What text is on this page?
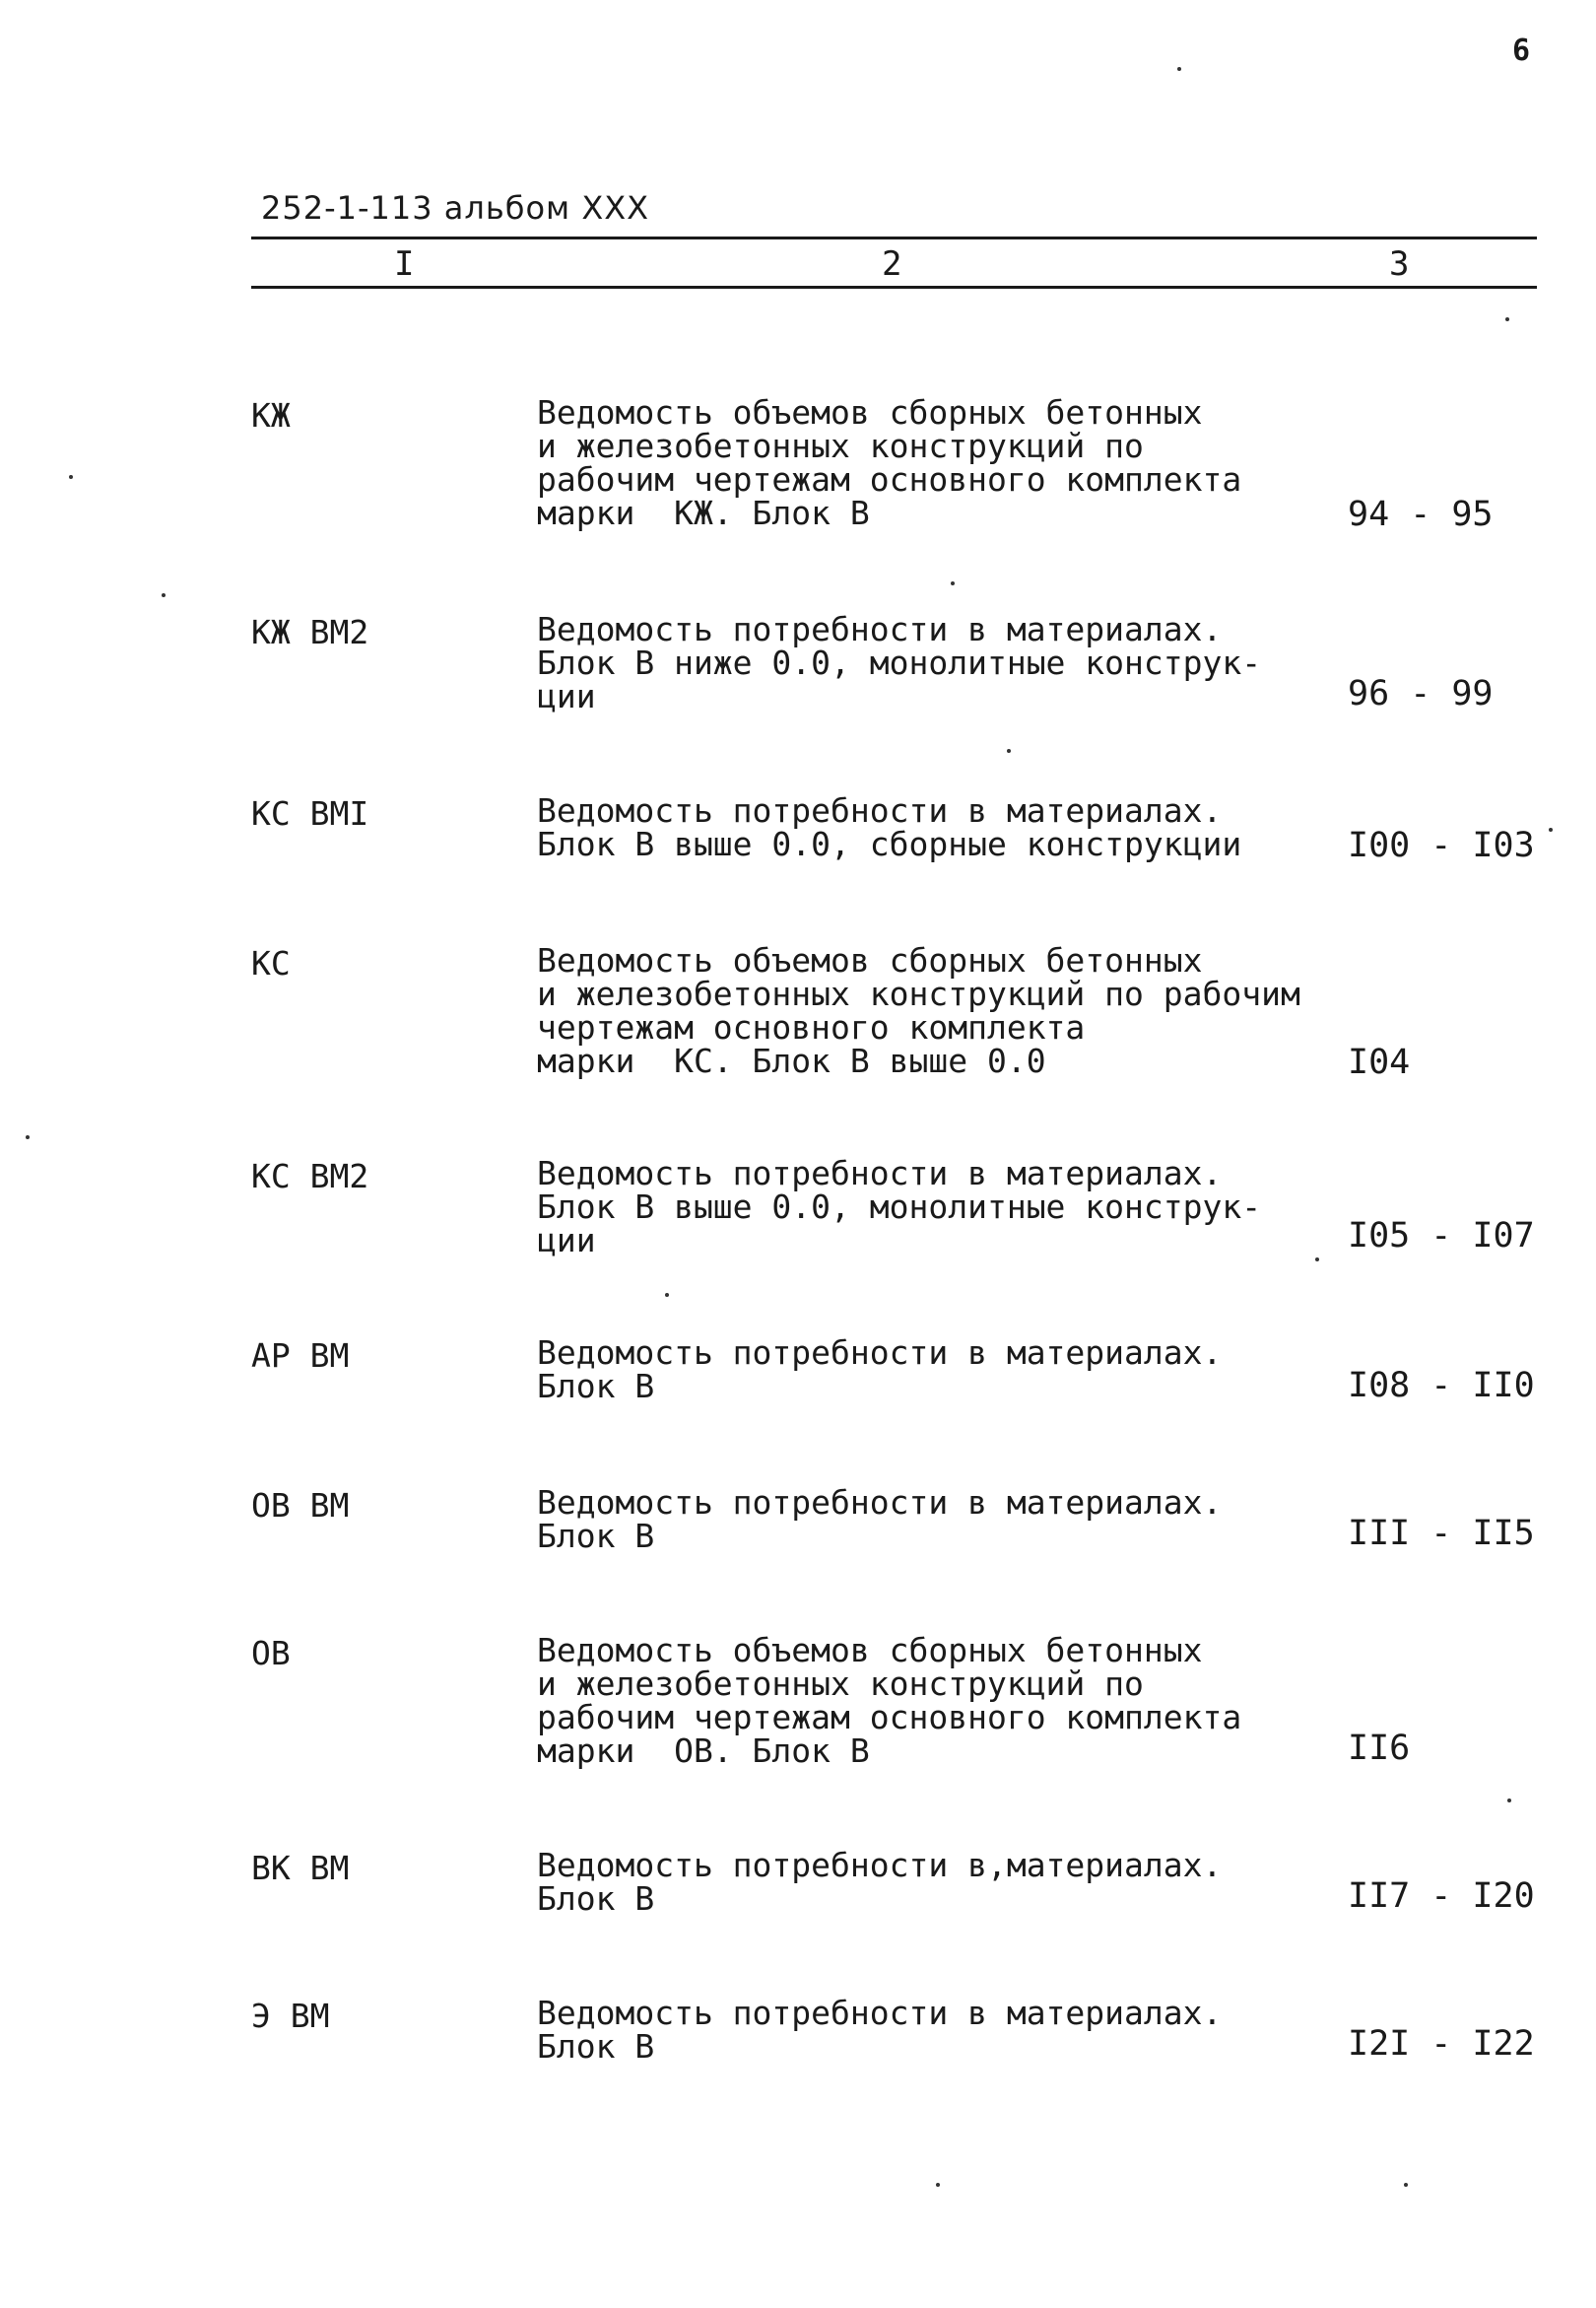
6
252-1-113 альбом XXX
I	2	3
КЖ	Ведомость объемов сборных бетонных
и железобетонных конструкций по
рабочим чертежам основного комплекта
марки  КЖ. Блок В	94 - 95
КЖ ВМ2	Ведомость потребности в материалах.
Блок В ниже 0.0, монолитные конструк-
ции	96 - 99
КС ВМI	Ведомость потребности в материалах.
Блок В выше 0.0, сборные конструкции	I00 - I03
КС	Ведомость объемов сборных бетонных
и железобетонных конструкций по рабочим
чертежам основного комплекта
марки  КС. Блок В выше 0.0	I04
КС ВМ2	Ведомость потребности в материалах.
Блок В выше 0.0, монолитные конструк-
ции	I05 - I07
АР ВМ	Ведомость потребности в материалах.
Блок В	I08 - II0
ОВ ВМ	Ведомость потребности в материалах.
Блок В	III - II5
ОВ	Ведомость объемов сборных бетонных
и железобетонных конструкций по
рабочим чертежам основного комплекта
марки  ОВ. Блок В	II6
ВК ВМ	Ведомость потребности в,материалах.
Блок В	II7 - I20
Э ВМ	Ведомость потребности в материалах.
Блок В	I2I - I22
